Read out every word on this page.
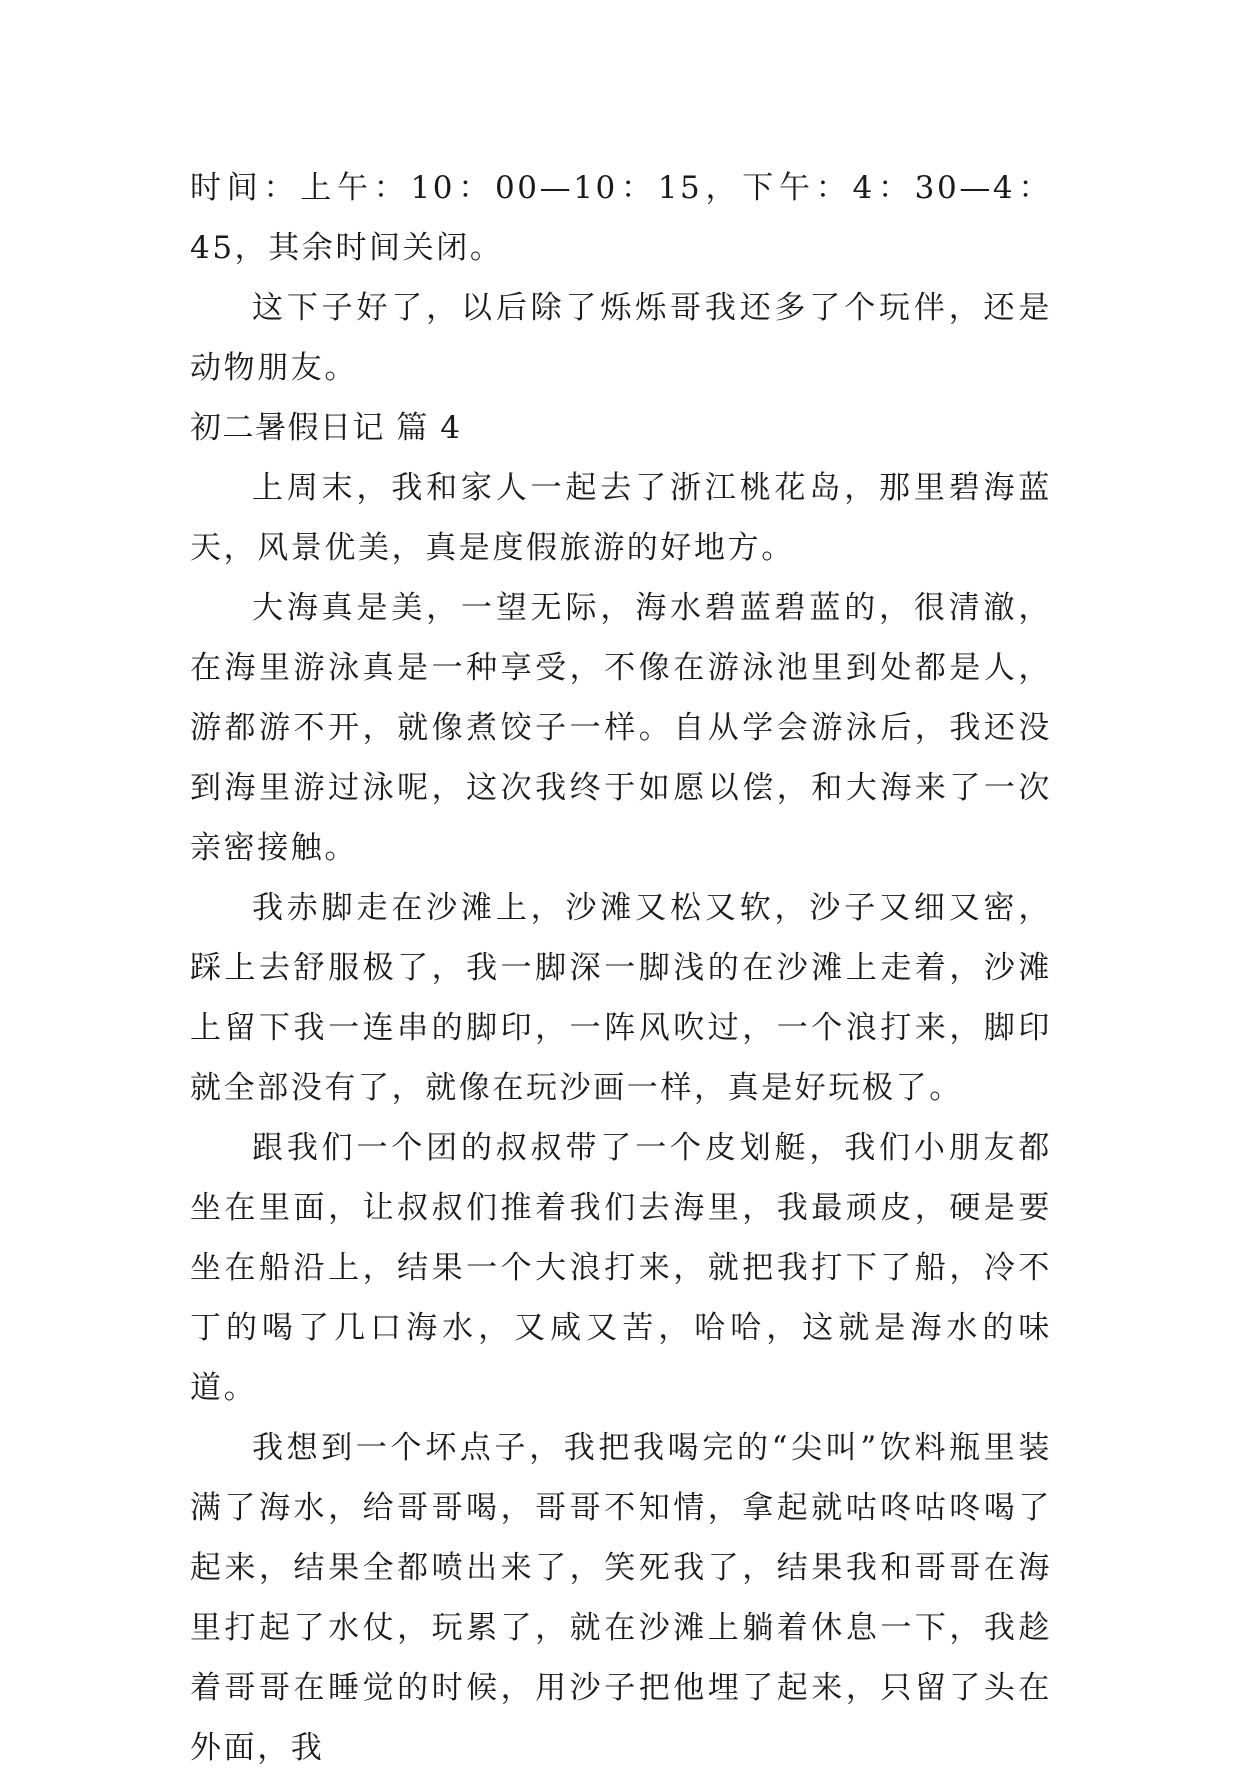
时间：上午：10：00—10：15，下午：4：30—4：45，其余时间关闭。

这下子好了，以后除了烁烁哥我还多了个玩伴，还是动物朋友。

初二暑假日记 篇 4

上周末，我和家人一起去了浙江桃花岛，那里碧海蓝天，风景优美，真是度假旅游的好地方。

大海真是美，一望无际，海水碧蓝碧蓝的，很清澈，在海里游泳真是一种享受，不像在游泳池里到处都是人，游都游不开，就像煮饺子一样。自从学会游泳后，我还没到海里游过泳呢，这次我终于如愿以偿，和大海来了一次亲密接触。

我赤脚走在沙滩上，沙滩又松又软，沙子又细又密，踩上去舒服极了，我一脚深一脚浅的在沙滩上走着，沙滩上留下我一连串的脚印，一阵风吹过，一个浪打来，脚印就全部没有了，就像在玩沙画一样，真是好玩极了。

跟我们一个团的叔叔带了一个皮划艇，我们小朋友都坐在里面，让叔叔们推着我们去海里，我最顽皮，硬是要坐在船沿上，结果一个大浪打来，就把我打下了船，冷不丁的喝了几口海水，又咸又苦，哈哈，这就是海水的味道。

我想到一个坏点子，我把我喝完的“尖叫”饮料瓶里装满了海水，给哥哥喝，哥哥不知情，拿起就咕咚咕咚喝了起来，结果全都喷出来了，笑死我了，结果我和哥哥在海里打起了水仗，玩累了，就在沙滩上躺着休息一下，我趁着哥哥在睡觉的时候，用沙子把他埋了起来，只留了头在外面，我
